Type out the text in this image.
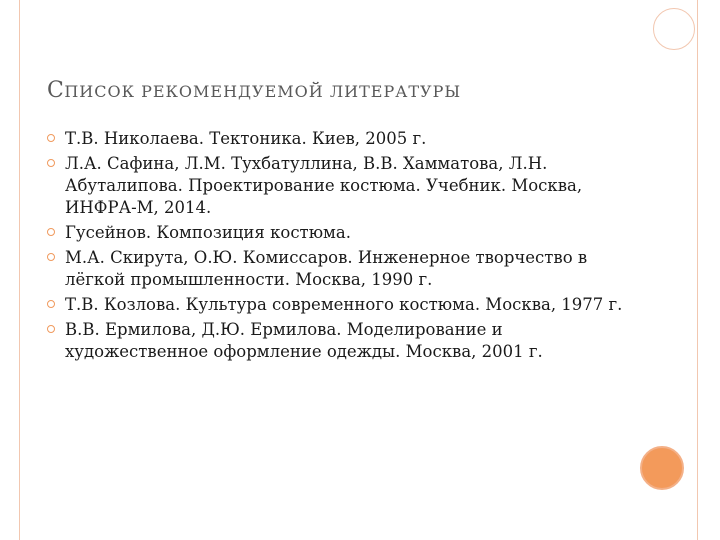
СПИСОК РЕКОМЕНДУЕМОЙ ЛИТЕРАТУРЫ
Т.В. Николаева. Тектоника. Киев, 2005 г.
Л.А. Сафина, Л.М. Тухбатуллина, В.В. Хамматова, Л.Н. Абуталипова. Проектирование костюма. Учебник. Москва, ИНФРА-М, 2014.
Гусейнов. Композиция костюма.
М.А. Скирута, О.Ю. Комиссаров. Инженерное творчество в лёгкой промышленности. Москва, 1990 г.
Т.В. Козлова. Культура современного костюма. Москва, 1977 г.
В.В. Ермилова, Д.Ю. Ермилова. Моделирование и художественное оформление одежды. Москва, 2001 г.
